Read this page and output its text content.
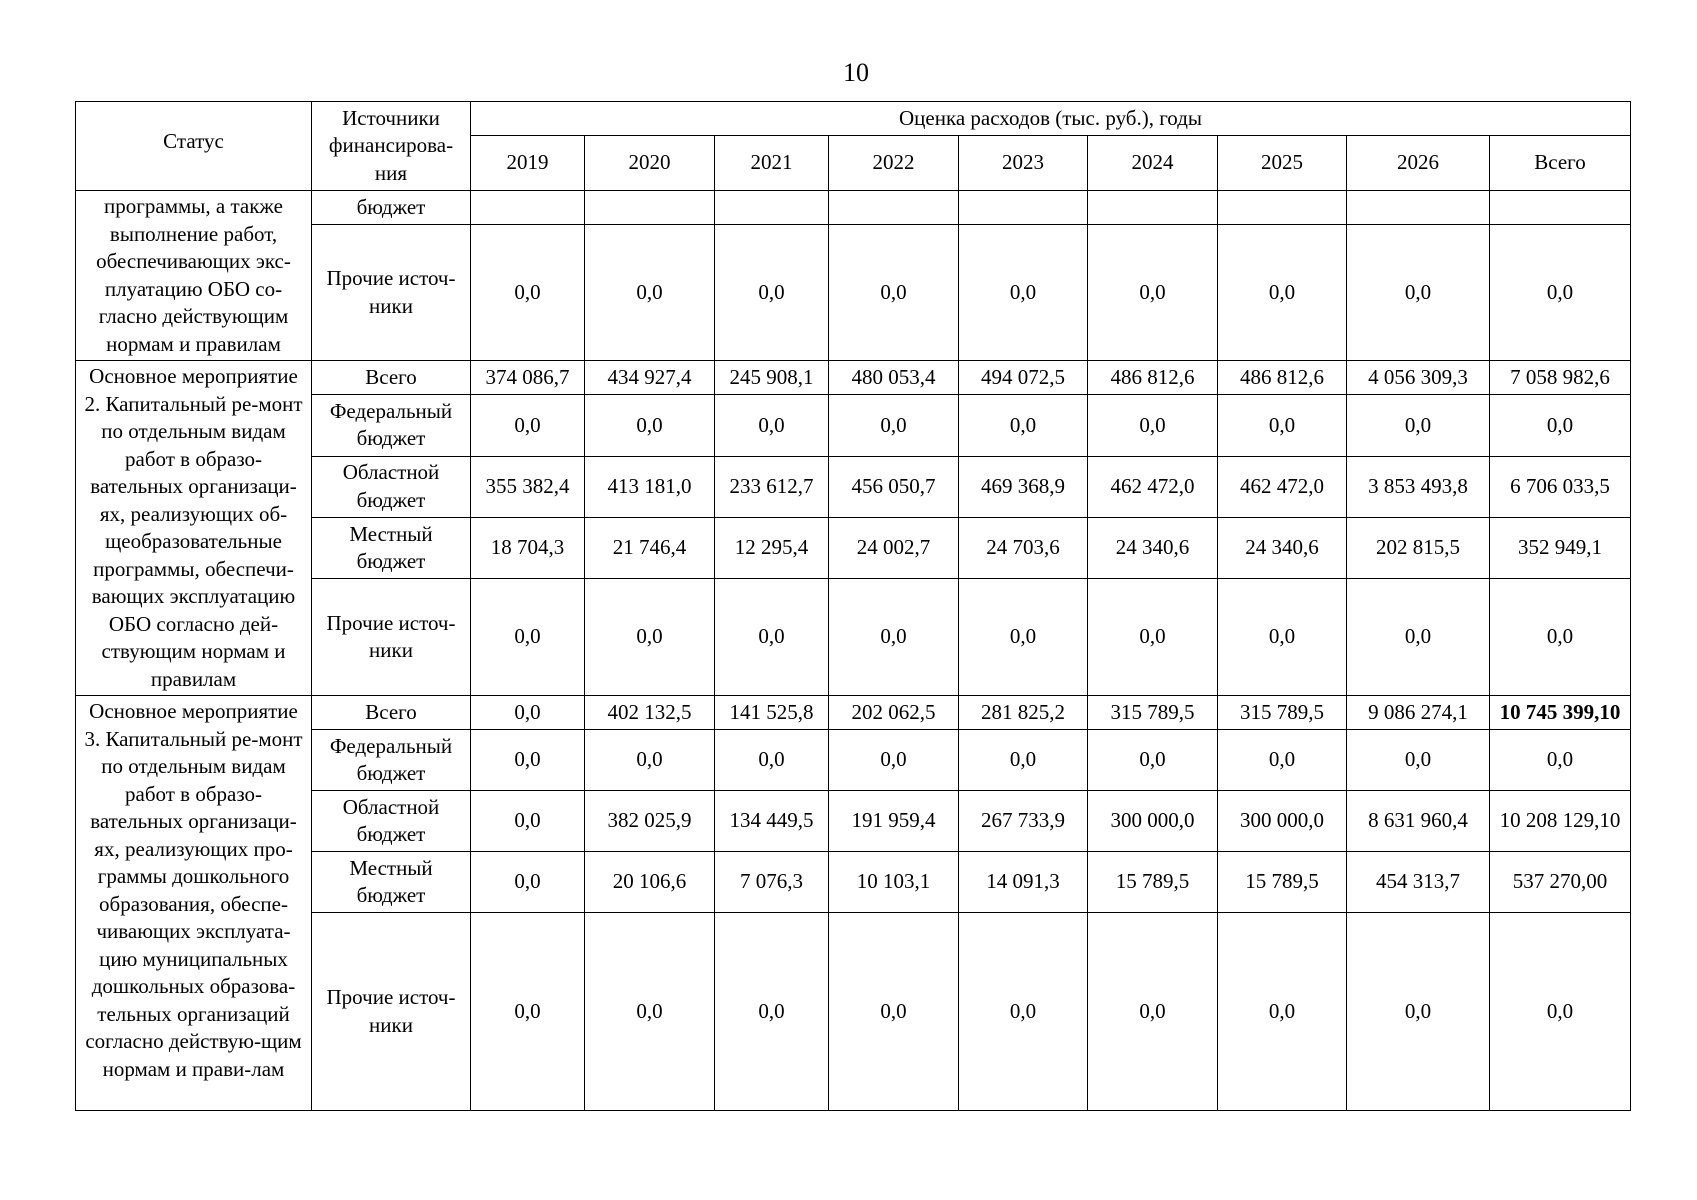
10
Статус	Источники финансирова-ния	Оценка расходов (тыс. руб.), годы								
		2019	2020	2021	2022	2023	2024	2025	2026	Всего
программы, а также выполнение работ, обеспечивающих экс-плуатацию ОБО со-гласно действующим нормам и правилам	бюджет									
	Прочие источ-ники	0,0	0,0	0,0	0,0	0,0	0,0	0,0	0,0	0,0
Основное мероприятие 2. Капитальный ре-монт по отдельным видам работ в образо-вательных организаци-ях, реализующих об-щеобразовательные программы, обеспечи-вающих эксплуатацию ОБО согласно дей-ствующим нормам и правилам	Всего	374 086,7	434 927,4	245 908,1	480 053,4	494 072,5	486 812,6	486 812,6	4 056 309,3	7 058 982,6
	Федеральный бюджет	0,0	0,0	0,0	0,0	0,0	0,0	0,0	0,0	0,0
	Областной бюджет	355 382,4	413 181,0	233 612,7	456 050,7	469 368,9	462 472,0	462 472,0	3 853 493,8	6 706 033,5
	Местный бюджет	18 704,3	21 746,4	12 295,4	24 002,7	24 703,6	24 340,6	24 340,6	202 815,5	352 949,1
	Прочие источ-ники	0,0	0,0	0,0	0,0	0,0	0,0	0,0	0,0	0,0
Основное мероприятие 3. Капитальный ре-монт по отдельным видам работ в образо-вательных организаци-ях, реализующих про-граммы дошкольного образования, обеспе-чивающих эксплуата-цию муниципальных дошкольных образова-тельных организаций согласно действую-щим нормам и прави-лам	Всего	0,0	402 132,5	141 525,8	202 062,5	281 825,2	315 789,5	315 789,5	9 086 274,1	10 745 399,10
	Федеральный бюджет	0,0	0,0	0,0	0,0	0,0	0,0	0,0	0,0	0,0
	Областной бюджет	0,0	382 025,9	134 449,5	191 959,4	267 733,9	300 000,0	300 000,0	8 631 960,4	10 208 129,10
	Местный бюджет	0,0	20 106,6	7 076,3	10 103,1	14 091,3	15 789,5	15 789,5	454 313,7	537 270,00
	Прочие источ-ники	0,0	0,0	0,0	0,0	0,0	0,0	0,0	0,0	0,0
